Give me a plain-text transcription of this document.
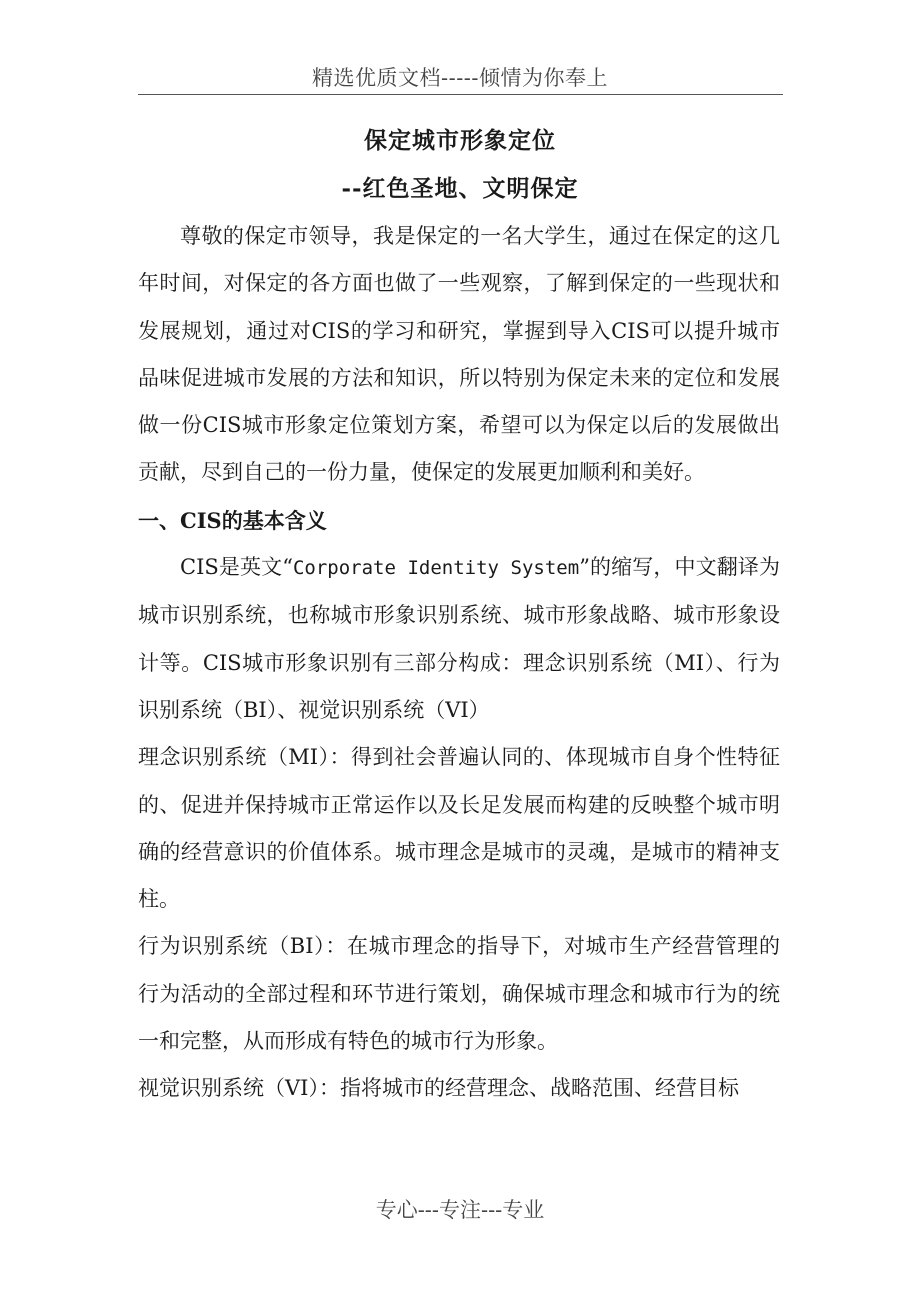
精选优质文档-----倾情为你奉上
保定城市形象定位
--红色圣地、文明保定

尊敬的保定市领导，我是保定的一名大学生，通过在保定的这几年时间，对保定的各方面也做了一些观察，了解到保定的一些现状和发展规划，通过对CIS的学习和研究，掌握到导入CIS可以提升城市品味促进城市发展的方法和知识，所以特别为保定未来的定位和发展做一份CIS城市形象定位策划方案，希望可以为保定以后的发展做出贡献，尽到自己的一份力量，使保定的发展更加顺利和美好。

一、CIS的基本含义

CIS是英文“Corporate Identity System”的缩写，中文翻译为城市识别系统，也称城市形象识别系统、城市形象战略、城市形象设计等。CIS城市形象识别有三部分构成：理念识别系统（MI）、行为识别系统（BI）、视觉识别系统（VI）

理念识别系统（MI）：得到社会普遍认同的、体现城市自身个性特征的、促进并保持城市正常运作以及长足发展而构建的反映整个城市明确的经营意识的价值体系。城市理念是城市的灵魂，是城市的精神支柱。

行为识别系统（BI）：在城市理念的指导下，对城市生产经营管理的行为活动的全部过程和环节进行策划，确保城市理念和城市行为的统一和完整，从而形成有特色的城市行为形象。

视觉识别系统（VI）：指将城市的经营理念、战略范围、经营目标

专心---专注---专业
